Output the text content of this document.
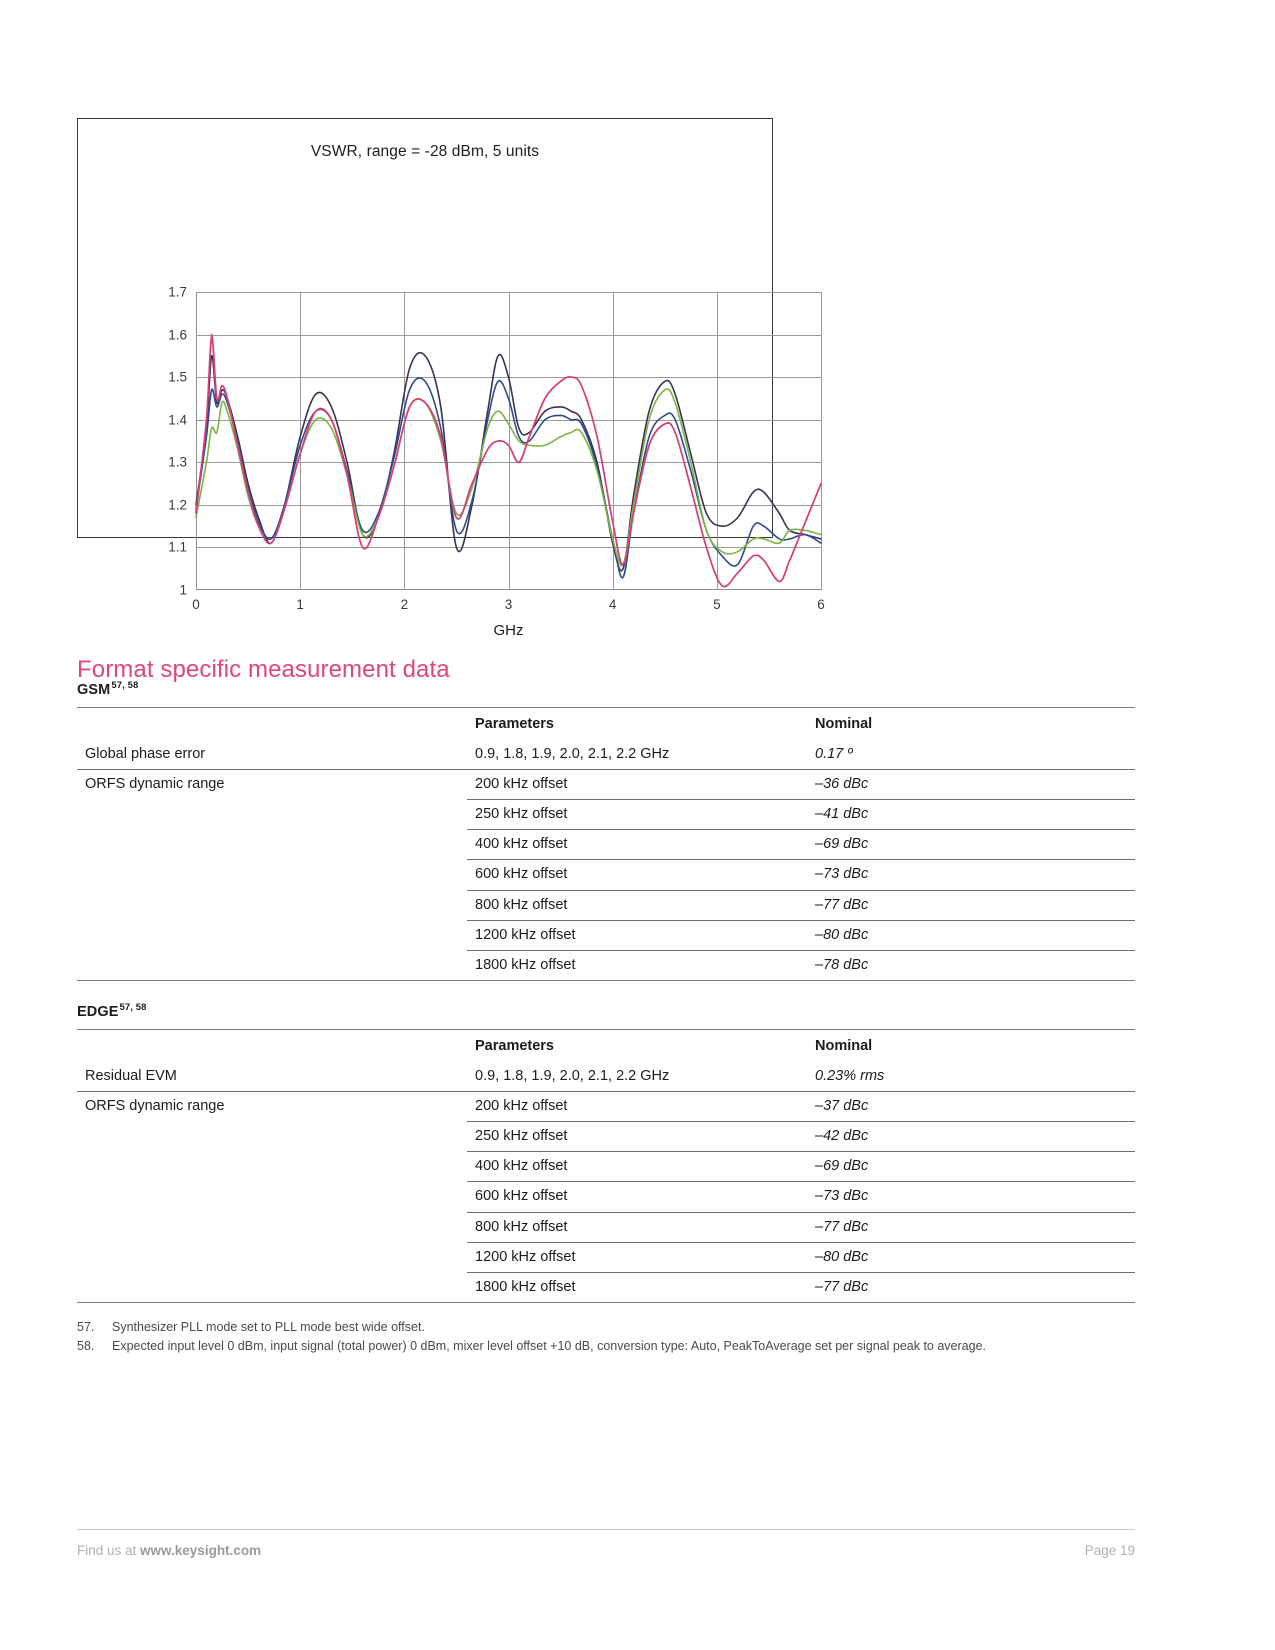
VSWR, range = -28 dBm, 5 units
1
1.1
1.2
1.3
1.4
1.5
1.6
1.7
0	1	2	3	4	5	6
GHz
Format specific measurement data
GSM$^{57, 58}$
	Parameters	Nominal
Global phase error	0.9, 1.8, 1.9, 2.0, 2.1, 2.2 GHz	0.17 º
ORFS dynamic range	200 kHz offset	–36 dBc
	250 kHz offset	–41 dBc
	400 kHz offset	–69 dBc
	600 kHz offset	–73 dBc
	800 kHz offset	–77 dBc
	1200 kHz offset	–80 dBc
	1800 kHz offset	–78 dBc
EDGE$^{57, 58}$
	Parameters	Nominal
Residual EVM	0.9, 1.8, 1.9, 2.0, 2.1, 2.2 GHz	0.23% rms
ORFS dynamic range	200 kHz offset	–37 dBc
	250 kHz offset	–42 dBc
	400 kHz offset	–69 dBc
	600 kHz offset	–73 dBc
	800 kHz offset	–77 dBc
	1200 kHz offset	–80 dBc
	1800 kHz offset	–77 dBc
57.	Synthesizer PLL mode set to PLL mode best wide offset.
58.	Expected input level 0 dBm, input signal (total power) 0 dBm, mixer level offset +10 dB, conversion type: Auto, PeakToAverage set per signal peak to average.
Find us at www.keysight.com	Page 19
